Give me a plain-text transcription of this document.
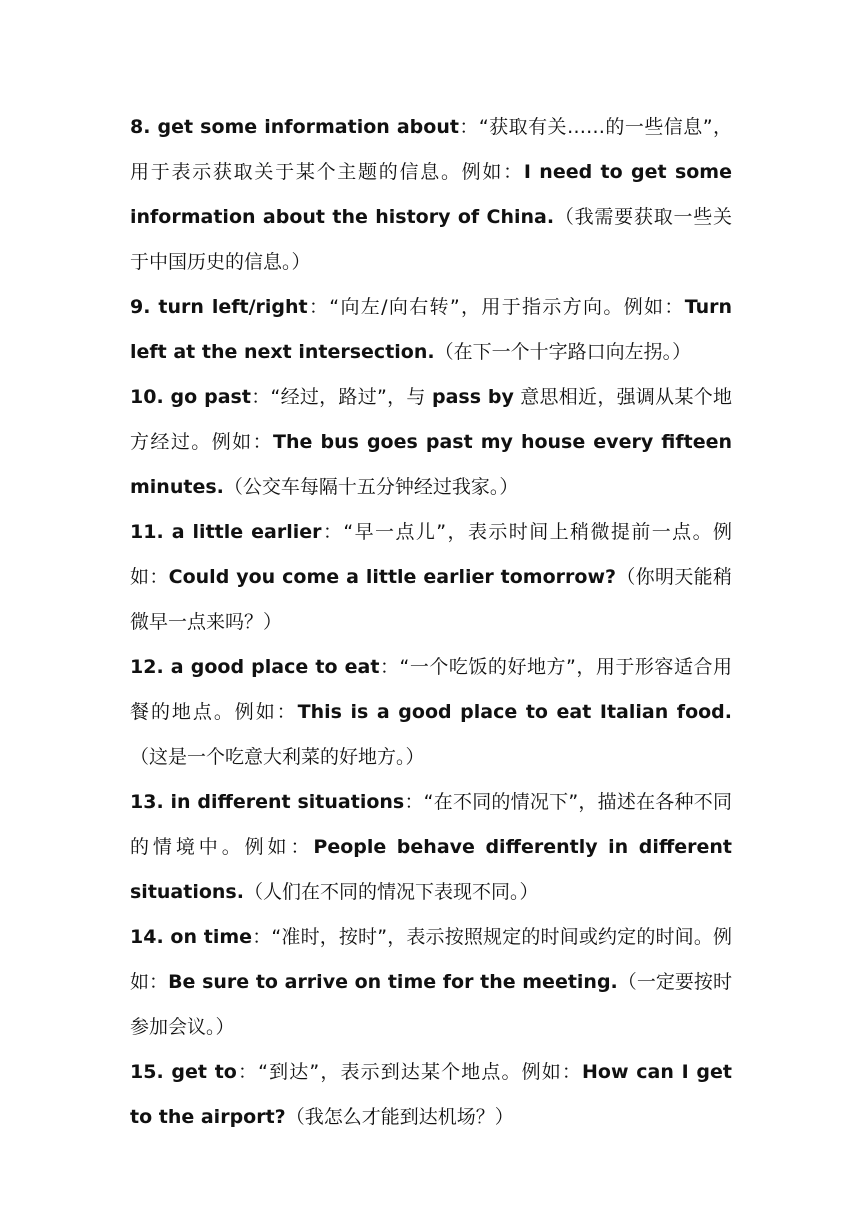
8. get some information about：“获取有关……的一些信息”，用于表示获取关于某个主题的信息。例如：I need to get some information about the history of China.（我需要获取一些关于中国历史的信息。）

9. turn left/right：“向左/向右转”，用于指示方向。例如：Turn left at the next intersection.（在下一个十字路口向左拐。）

10. go past：“经过，路过”，与 pass by 意思相近，强调从某个地方经过。例如：The bus goes past my house every fifteen minutes.（公交车每隔十五分钟经过我家。）

11. a little earlier：“早一点儿”，表示时间上稍微提前一点。例如：Could you come a little earlier tomorrow?（你明天能稍微早一点来吗？）

12. a good place to eat：“一个吃饭的好地方”，用于形容适合用餐的地点。例如：This is a good place to eat Italian food.（这是一个吃意大利菜的好地方。）

13. in different situations：“在不同的情况下”，描述在各种不同的情境中。例如：People behave differently in different situations.（人们在不同的情况下表现不同。）

14. on time：“准时，按时”，表示按照规定的时间或约定的时间。例如：Be sure to arrive on time for the meeting.（一定要按时参加会议。）

15. get to：“到达”，表示到达某个地点。例如：How can I get to the airport?（我怎么才能到达机场？）
